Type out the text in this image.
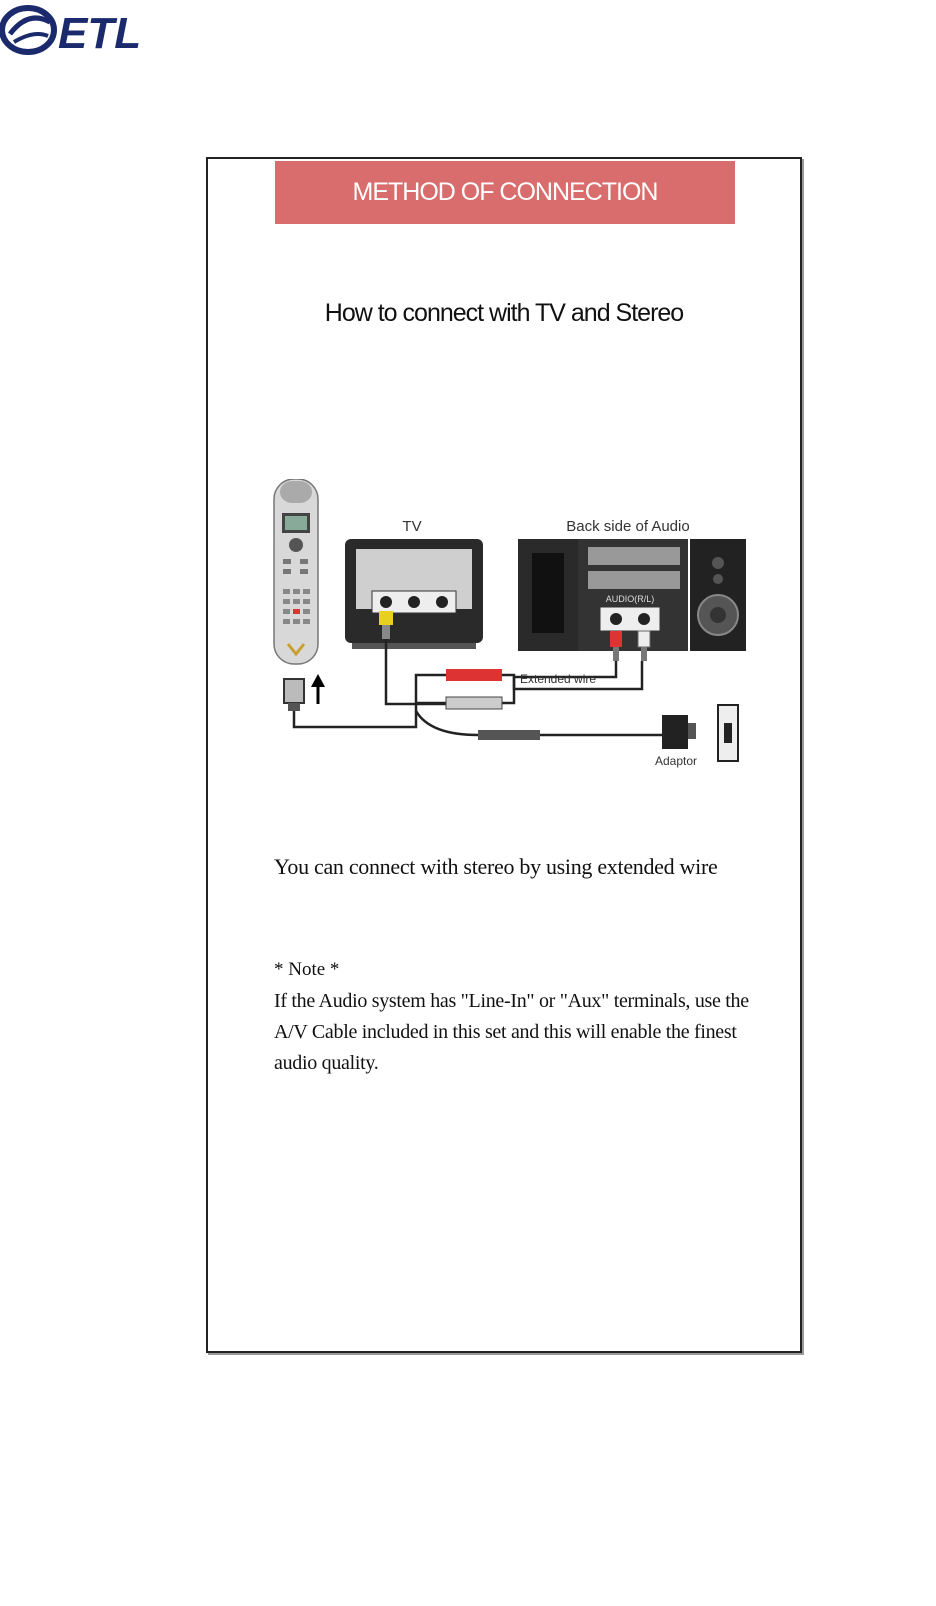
ETL
METHOD OF CONNECTION
How to connect with TV and Stereo
TV	Back side of Audio
AUDIO(R/L)
Extended wire
Adaptor
You can connect with stereo by using extended wire
* Note *
If the Audio system has "Line-In" or "Aux" terminals, use the A/V Cable included in this set and this will enable the finest audio quality.
